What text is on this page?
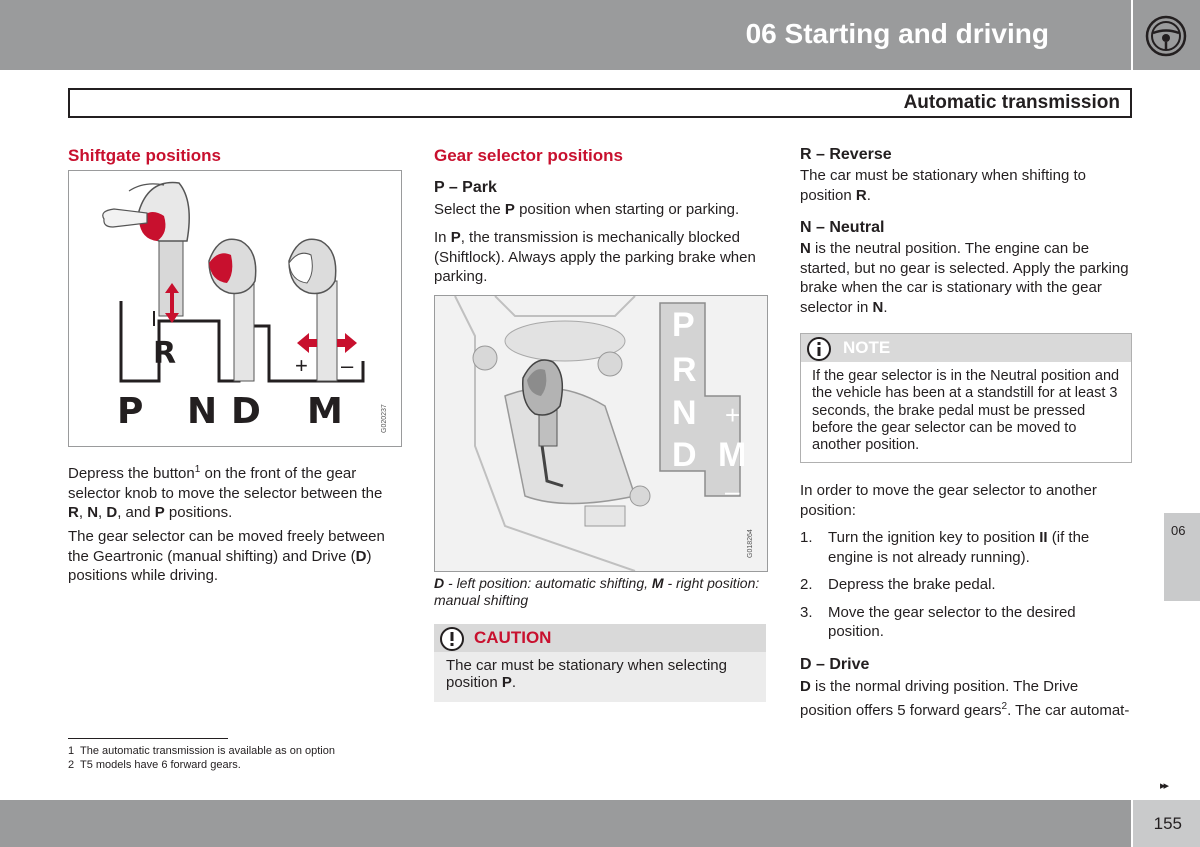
06 Starting and driving
Automatic transmission
Shiftgate positions
R	+ –
P N D M	G020237

Depress the button$^1$ on the front of the gear selector knob to move the selector between the R, N, D, and P positions.

The gear selector can be moved freely between the Geartronic (manual shifting) and Drive (D) positions while driving.

Gear selector positions
P – Park

Select the P position when starting or parking.

In P, the transmission is mechanically blocked (Shiftlock). Always apply the parking brake when parking.

P
R
N
D
+
M
–
G018264

D - left position: automatic shifting, M - right position: manual shifting

CAUTION

The car must be stationary when selecting position P.

R – Reverse

The car must be stationary when shifting to position R.

N – Neutral

N is the neutral position. The engine can be started, but no gear is selected. Apply the parking brake when the car is stationary with the gear selector in N.

NOTE

If the gear selector is in the Neutral position and the vehicle has been at a standstill for at least 3 seconds, the brake pedal must be pressed before the gear selector can be moved to another position.

In order to move the gear selector to another position:

1.	Turn the ignition key to position II (if the engine is not already running).

2.	Depress the brake pedal.

3.	Move the gear selector to the desired position.

D – Drive

D is the normal driving position. The Drive position offers 5 forward gears$^2$. The car automat-

1 The automatic transmission is available as on option
2 T5 models have 6 forward gears.
06
▸▸
155
